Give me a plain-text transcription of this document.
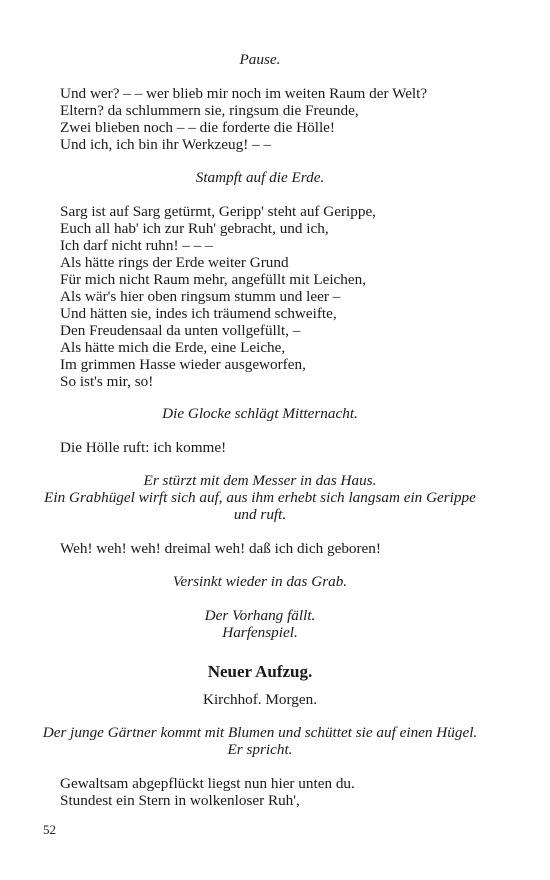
Pause.
Und wer? – – wer blieb mir noch im weiten Raum der Welt?
Eltern? da schlummern sie, ringsum die Freunde,
Zwei blieben noch – – die forderte die Hölle!
Und ich, ich bin ihr Werkzeug! – –
Stampft auf die Erde.
Sarg ist auf Sarg getürmt, Geripp' steht auf Gerippe,
Euch all hab' ich zur Ruh' gebracht, und ich,
Ich darf nicht ruhn! – – –
Als hätte rings der Erde weiter Grund
Für mich nicht Raum mehr, angefüllt mit Leichen,
Als wär's hier oben ringsum stumm und leer –
Und hätten sie, indes ich träumend schweifte,
Den Freudensaal da unten vollgefüllt, –
Als hätte mich die Erde, eine Leiche,
Im grimmen Hasse wieder ausgeworfen,
So ist's mir, so!
Die Glocke schlägt Mitternacht.
Die Hölle ruft: ich komme!
Er stürzt mit dem Messer in das Haus.
Ein Grabhügel wirft sich auf, aus ihm erhebt sich langsam ein Gerippe
und ruft.
Weh! weh! weh! dreimal weh! daß ich dich geboren!
Versinkt wieder in das Grab.
Der Vorhang fällt.
Harfenspiel.
Neuer Aufzug.
Kirchhof. Morgen.
Der junge Gärtner kommt mit Blumen und schüttet sie auf einen Hügel.
Er spricht.
Gewaltsam abgepflückt liegst nun hier unten du.
Stundest ein Stern in wolkenloser Ruh',
52
